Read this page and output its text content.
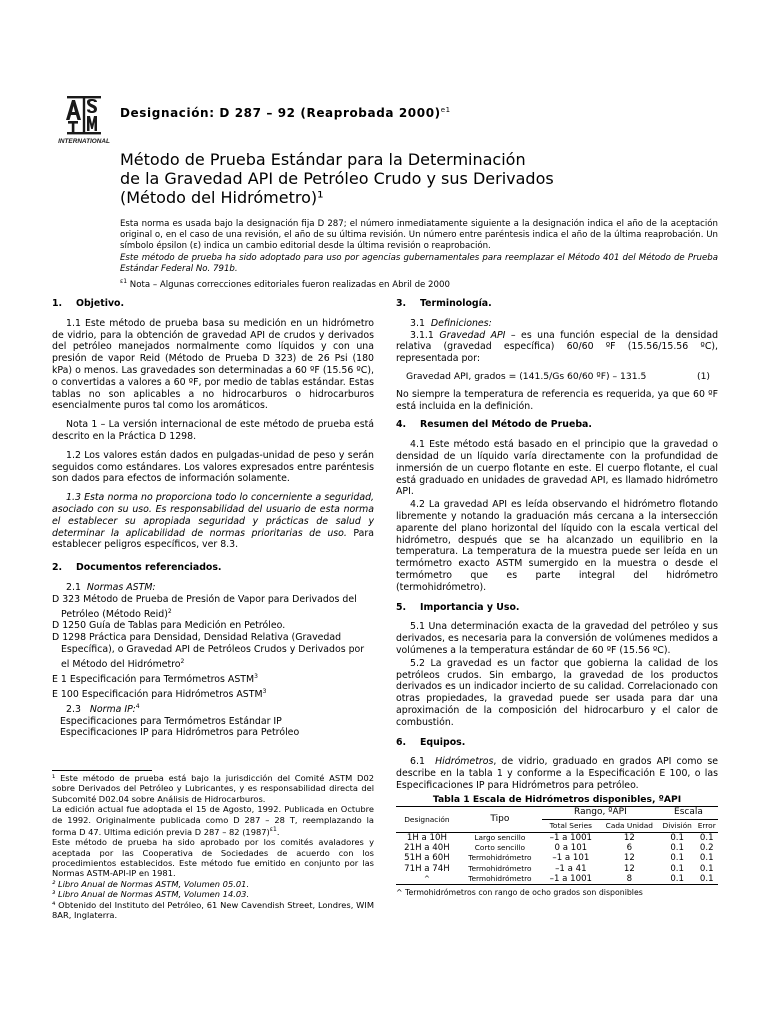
INTERNATIONAL
Designación: D 287 – 92 (Reaprobada 2000)$^{e1}$
Método de Prueba Estándar para la Determinación
de la Gravedad API de Petróleo Crudo y sus Derivados
(Método del Hidrómetro)¹
Esta norma es usada bajo la designación fija D 287; el número inmediatamente siguiente a la designación indica el año de la aceptación original o, en el caso de una revisión, el año de su última revisión. Un número entre paréntesis indica el año de la última reaprobación. Un símbolo épsilon (ε) indica un cambio editorial desde la última revisión o reaprobación.
Este método de prueba ha sido adoptado para uso por agencias gubernamentales para reemplazar el Método 401 del Método de Prueba Estándar Federal No. 791b.
$^{\varepsilon 1}$ Nota – Algunas correcciones editoriales fueron realizadas en Abril de 2000
1. Objetivo.
1.1 Este método de prueba basa su medición en un hidrómetro de vidrio, para la obtención de gravedad API de crudos y derivados del petróleo manejados normalmente como líquidos y con una presión de vapor Reid (Método de Prueba D 323) de 26 Psi (180 kPa) o menos. Las gravedades son determinadas a 60 ºF (15.56 ºC), o convertidas a valores a 60 ºF, por medio de tablas estándar. Estas tablas no son aplicables a no hidrocarburos o hidrocarburos esencialmente puros tal como los aromáticos.
Nota 1 – La versión internacional de este método de prueba está descrito en la Práctica D 1298.
1.2 Los valores están dados en pulgadas-unidad de peso y serán seguidos como estándares. Los valores expresados entre paréntesis son dados para efectos de información solamente.
1.3 Esta norma no proporciona todo lo concerniente a seguridad, asociado con su uso. Es responsabilidad del usuario de esta norma el establecer su apropiada seguridad y prácticas de salud y determinar la aplicabilidad de normas prioritarias de uso. Para establecer peligros específicos, ver 8.3.
2. Documentos referenciados.
2.1 Normas ASTM:
D 323 Método de Prueba de Presión de Vapor para Derivados del Petróleo (Método Reid)$^2$
D 1250 Guía de Tablas para Medición en Petróleo.
D 1298 Práctica para Densidad, Densidad Relativa (Gravedad Específica), o Gravedad API de Petróleos Crudos y Derivados por el Método del Hidrómetro$^2$
E 1 Especificación para Termómetros ASTM$^3$
E 100 Especificación para Hidrómetros ASTM$^3$
2.3 Norma IP:$^4$
Especificaciones para Termómetros Estándar IP
Especificaciones IP para Hidrómetros para Petróleo
¹ Este método de prueba está bajo la jurisdicción del Comité ASTM D02 sobre Derivados del Petróleo y Lubricantes, y es responsabilidad directa del Subcomité D02.04 sobre Análisis de Hidrocarburos.
La edición actual fue adoptada el 15 de Agosto, 1992. Publicada en Octubre de 1992. Originalmente publicada como D 287 – 28 T, reemplazando la forma D 47. Ultima edición previa D 287 – 82 $(1987)^{\varepsilon 1}$.
Este método de prueba ha sido aprobado por los comités avaladores y aceptada por las Cooperativa de Sociedades de acuerdo con los procedimientos establecidos. Este método fue emitido en conjunto por las Normas ASTM-API-IP en 1981.
² Libro Anual de Normas ASTM, Volumen 05.01.
³ Libro Anual de Normas ASTM, Volumen 14.03.
⁴ Obtenido del Instituto del Petróleo, 61 New Cavendish Street, Londres, WIM 8AR, Inglaterra.
3. Terminología.
3.1 Definiciones:
3.1.1 Gravedad API – es una función especial de la densidad relativa (gravedad específica) 60/60 ºF (15.56/15.56 ºC), representada por:
Gravedad API, grados = (141.5/Gs 60/60 ºF) – 131.5	(1)
No siempre la temperatura de referencia es requerida, ya que 60 ºF está incluida en la definición.
4. Resumen del Método de Prueba.
4.1 Este método está basado en el principio que la gravedad o densidad de un líquido varía directamente con la profundidad de inmersión de un cuerpo flotante en este. El cuerpo flotante, el cual está graduado en unidades de gravedad API, es llamado hidrómetro API.
4.2 La gravedad API es leída observando el hidrómetro flotando libremente y notando la graduación más cercana a la intersección aparente del plano horizontal del líquido con la escala vertical del hidrómetro, después que se ha alcanzado un equilibrio en la temperatura. La temperatura de la muestra puede ser leída en un termómetro exacto ASTM sumergido en la muestra o desde el termómetro que es parte integral del hidrómetro (termohidrómetro).
5. Importancia y Uso.
5.1 Una determinación exacta de la gravedad del petróleo y sus derivados, es necesaria para la conversión de volúmenes medidos a volúmenes a la temperatura estándar de 60 ºF (15.56 ºC).
5.2 La gravedad es un factor que gobierna la calidad de los petróleos crudos. Sin embargo, la gravedad de los productos derivados es un indicador incierto de su calidad. Correlacionado con otras propiedades, la gravedad puede ser usada para dar una aproximación de la composición del hidrocarburo y el calor de combustión.
6. Equipos.
6.1 Hidrómetros, de vidrio, graduado en grados API como se describe en la tabla 1 y conforme a la Especificación E 100, o las Especificaciones IP para Hidrómetros para petróleo.
Tabla 1 Escala de Hidrómetros disponibles, ºAPI
Designación	Tipo	Rango, ºAPI		Escala	
		Total Series	Cada Unidad	División	Error
1H a 10H	Largo sencillo	–1 a 1001	12	0.1	0.1
21H a 40H	Corto sencillo	0 a 101	6	0.1	0.2
51H a 60H	Termohidrómetro	–1 a 101	12	0.1	0.1
71H a 74H	Termohidrómetro	–1 a 41	12	0.1	0.1
^	Termohidrómetro	–1 a 1001	8	0.1	0.1
^ Termohidrómetros con rango de ocho grados son disponibles
